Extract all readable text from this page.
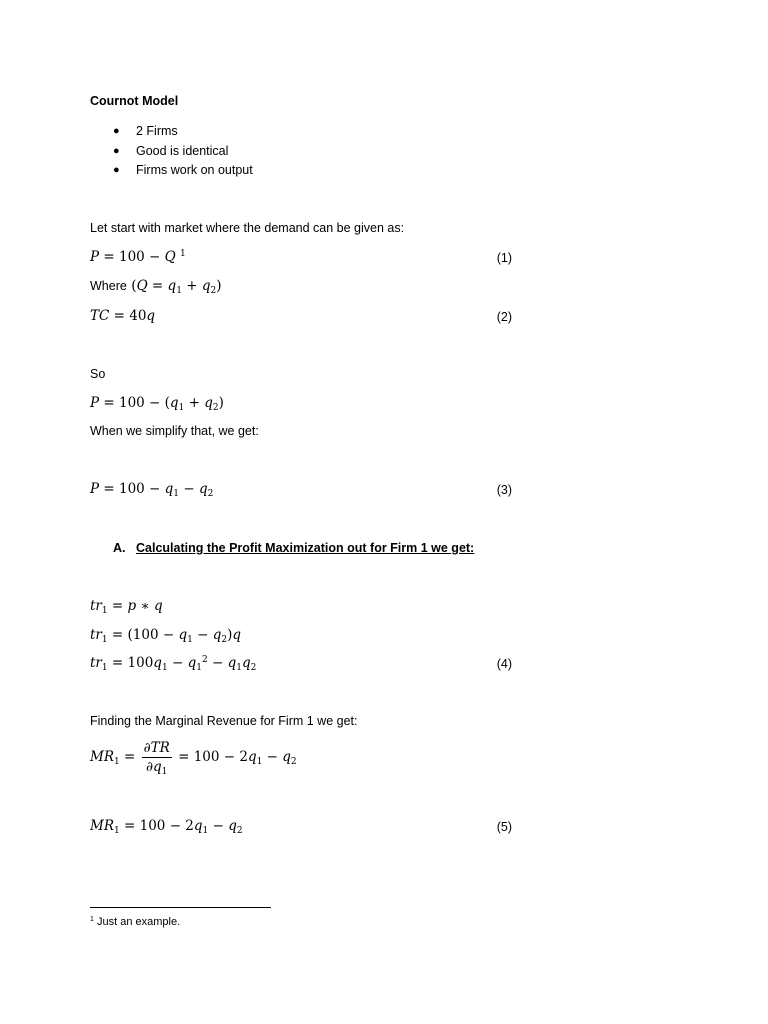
Cournot Model
● 2 Firms
● Good is identical
● Firms work on output
Let start with market where the demand can be given as:
P = 100 − Q $^1$	(1)
Where $(Q = q_1 + q_2)$
TC = 40q	(2)
So
$P = 100 - (q_1 + q_2)$
When we simplify that, we get:
$P = 100 - q_1 - q_2$	(3)
A. Calculating the Profit Maximization out for Firm 1 we get:
$tr_1 = p$ ∗ q
$tr_1 = (100 - q_1 - q_2)q$
$tr_1 = 100q_1 - q_1^2 - q_1q_2$	(4)
Finding the Marginal Revenue for Firm 1 we get:
$MR_1 = \frac{\partial TR}{\partial q_1} = 100 - 2q_1 - q_2$
$MR_1 = 100 - 2q_1 - q_2$	(5)
$^1$ Just an example.
